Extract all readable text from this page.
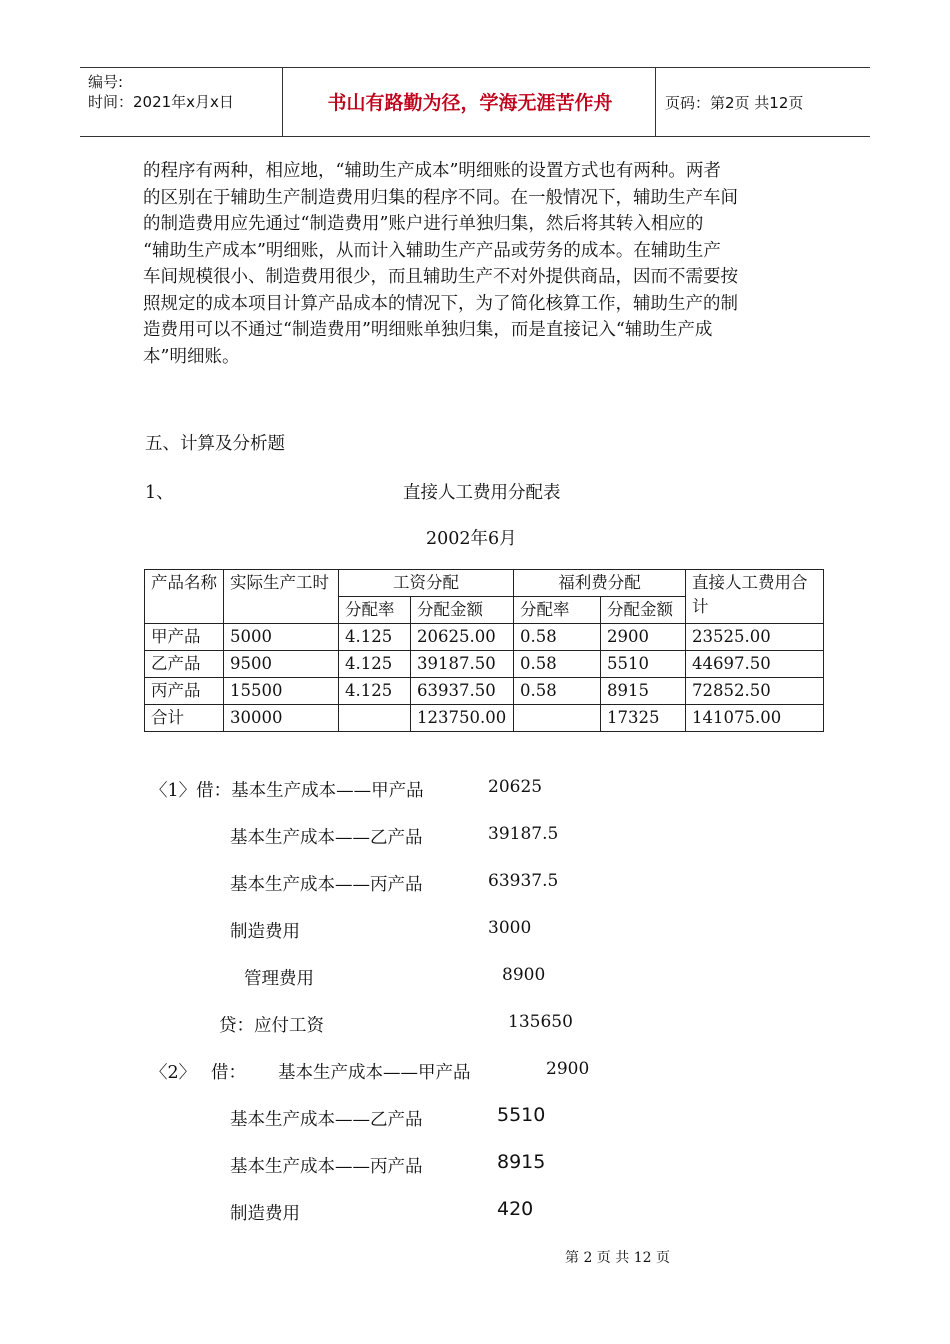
编号:
时间：2021年x月x日	书山有路勤为径，学海无涯苦作舟	页码：第2页 共12页
的程序有两种，相应地，“辅助生产成本”明细账的设置方式也有两种。两者
的区别在于辅助生产制造费用归集的程序不同。在一般情况下，辅助生产车间
的制造费用应先通过“制造费用”账户进行单独归集，然后将其转入相应的
“辅助生产成本”明细账，从而计入辅助生产产品或劳务的成本。在辅助生产
车间规模很小、制造费用很少，而且辅助生产不对外提供商品，因而不需要按
照规定的成本项目计算产品成本的情况下，为了简化核算工作，辅助生产的制
造费用可以不通过“制造费用”明细账单独归集，而是直接记入“辅助生产成
本”明细账。
五、计算及分析题
1、	直接人工费用分配表
2002年6月
产品名称	实际生产工时	工资分配		福利费分配		直接人工费用合计
		分配率	分配金额	分配率	分配金额	
甲产品	5000	4.125	20625.00	0.58	2900	23525.00
乙产品	9500	4.125	39187.50	0.58	5510	44697.50
丙产品	15500	4.125	63937.50	0.58	8915	72852.50
合计	30000		123750.00		17325	141075.00
〈1〉借：基本生产成本——甲产品	20625
基本生产成本——乙产品	39187.5
基本生产成本——丙产品	63937.5
制造费用	3000
管理费用	8900
贷：应付工资	135650
〈2〉 借： 基本生产成本——甲产品	2900
基本生产成本——乙产品	5510
基本生产成本——丙产品	8915
制造费用	420
第 2 页 共 12 页
